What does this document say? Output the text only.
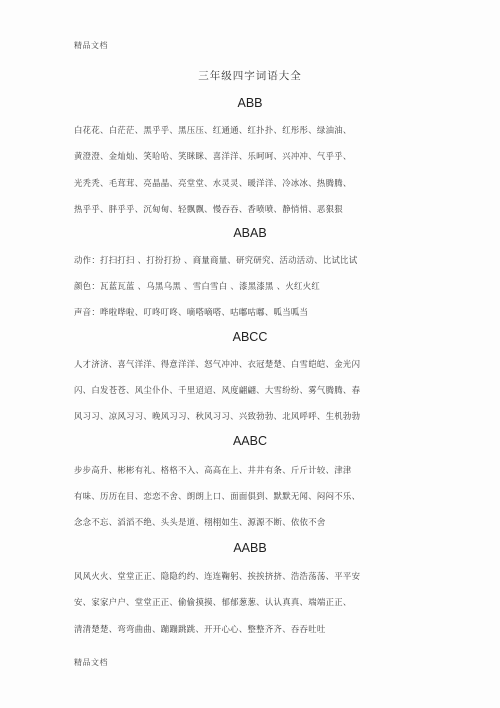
精品文档
三年级四字词语大全
ABB
白花花、白茫茫、黑乎乎、黑压压、红通通、红扑扑、红彤彤、绿油油、
黄澄澄、金灿灿、笑哈哈、笑眯眯、喜洋洋、乐呵呵、兴冲冲、气乎乎、
光秃秃、毛茸茸、亮晶晶、亮堂堂、水灵灵、暖洋洋、冷冰冰、热腾腾、
热乎乎、胖乎乎、沉甸甸、轻飘飘、慢吞吞、香喷喷、静悄悄、恶狠狠
ABAB
动作：打扫打扫 、打扮打扮 、商量商量、研究研究、活动活动、比试比试
颜色：瓦蓝瓦蓝 、乌黑乌黑 、雪白雪白 、漆黑漆黑 、火红火红
声音：哗啦哗啦、叮咚叮咚、嘀嗒嘀嗒、咕嘟咕嘟、呱当呱当
ABCC
人才济济、喜气洋洋、得意洋洋、怒气冲冲、衣冠楚楚、白雪皑皑、金光闪
闪、白发苍苍、风尘仆仆、千里迢迢、风度翩翩、大雪纷纷、雾气腾腾、春
风习习、凉风习习、晚风习习、秋风习习、兴致勃勃、北风呼呼、生机勃勃
AABC
步步高升、彬彬有礼、格格不入、高高在上、井井有条、斤斤计较、津津
有味、历历在目、恋恋不舍、朗朗上口、面面俱到、默默无闻、闷闷不乐、
念念不忘、滔滔不绝、头头是道、栩栩如生、源源不断、依依不舍
AABB
风风火火、堂堂正正、隐隐约约、连连鞠躬、挨挨挤挤、浩浩荡荡、平平安
安、家家户户、堂堂正正、偷偷摸摸、郁郁葱葱、认认真真、端端正正、
清清楚楚、弯弯曲曲、蹦蹦跳跳、开开心心、整整齐齐、吞吞吐吐
精品文档
